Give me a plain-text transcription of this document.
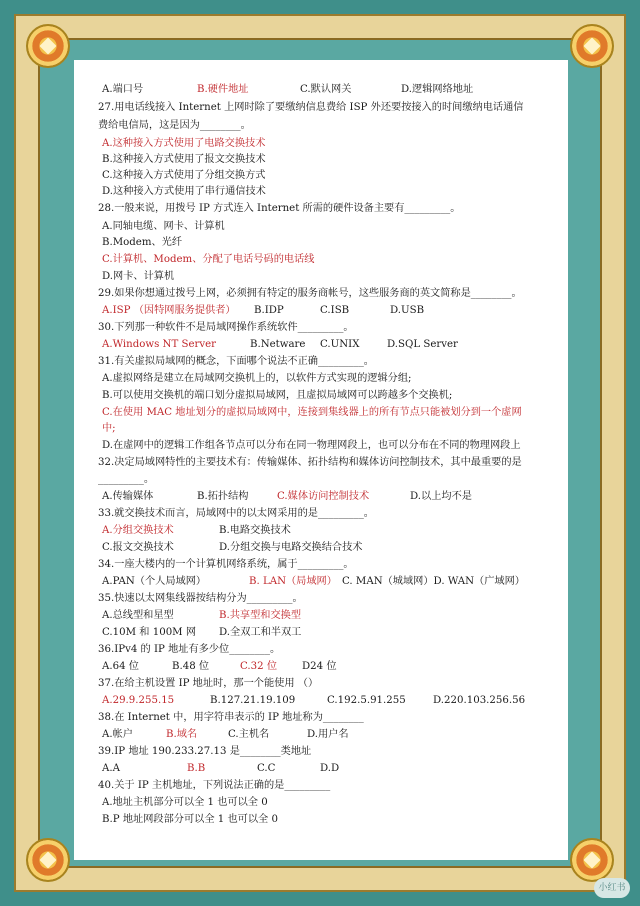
A.端口号	B.硬件地址	C.默认网关	D.逻辑网络地址
27.用电话线接入 Internet 上网时除了要缴纳信息费给 ISP 外还要按接入的时间缴纳电话通信
费给电信局，这是因为________。
A.这种接入方式使用了电路交换技术
B.这种接入方式使用了报文交换技术
C.这种接入方式使用了分组交换方式
D.这种接入方式使用了串行通信技术
28.一般来说，用拨号 IP 方式连入 Internet 所需的硬件设备主要有_________。
A.同轴电缆、网卡、计算机
B.Modem、光纤
C.计算机、Modem、分配了电话号码的电话线
D.网卡、计算机
29.如果你想通过拨号上网，必须拥有特定的服务商帐号，这些服务商的英文简称是________。
A.ISP （因特网服务提供者） B.IDP	C.ISB	D.USB
30.下列那一种软件不是局域网操作系统软件_________。
A.Windows NT Server	B.Netware C.UNIX	D.SQL Server
31.有关虚拟局域网的概念，下面哪个说法不正确_________。
A.虚拟网络是建立在局域网交换机上的，以软件方式实现的逻辑分组;
B.可以使用交换机的端口划分虚拟局域网，且虚拟局域网可以跨越多个交换机;
C.在使用 MAC 地址划分的虚拟局域网中，连接到集线器上的所有节点只能被划分到一个虚网
中;
D.在虚网中的逻辑工作组各节点可以分布在同一物理网段上，也可以分布在不同的物理网段上
32.决定局域网特性的主要技术有：传输媒体、拓扑结构和媒体访问控制技术，其中最重要的是
_________。
A.传输媒体	B.拓扑结构	C.媒体访问控制技术	D.以上均不是
33.就交换技术而言，局域网中的以太网采用的是_________。
A.分组交换技术	B.电路交换技术
C.报文交换技术	D.分组交换与电路交换结合技术
34.一座大楼内的一个计算机网络系统，属于_________。
A.PAN（个人局域网）	B. LAN（局域网） C. MAN（城域网）D. WAN（广域网）
35.快速以太网集线器按结构分为_________。
A.总线型和星型	B.共享型和交换型
C.10M 和 100M 网 D.全双工和半双工
36.IPv4 的 IP 地址有多少位________。
A.64 位	B.48 位	C.32 位 D24 位
37.在给主机设置 IP 地址时，那一个能使用 （）
A.29.9.255.15	B.127.21.19.109	C.192.5.91.255	D.220.103.256.56
38.在 Internet 中，用字符串表示的 IP 地址称为________
A.帐户	B.域名	C.主机名	D.用户名
39.IP 地址 190.233.27.13 是________类地址
A.A	B.B	C.C	D.D
40.关于 IP 主机地址，下列说法正确的是_________
A.地址主机部分可以全 1 也可以全 0
B.P 地址网段部分可以全 1 也可以全 0
小红书
